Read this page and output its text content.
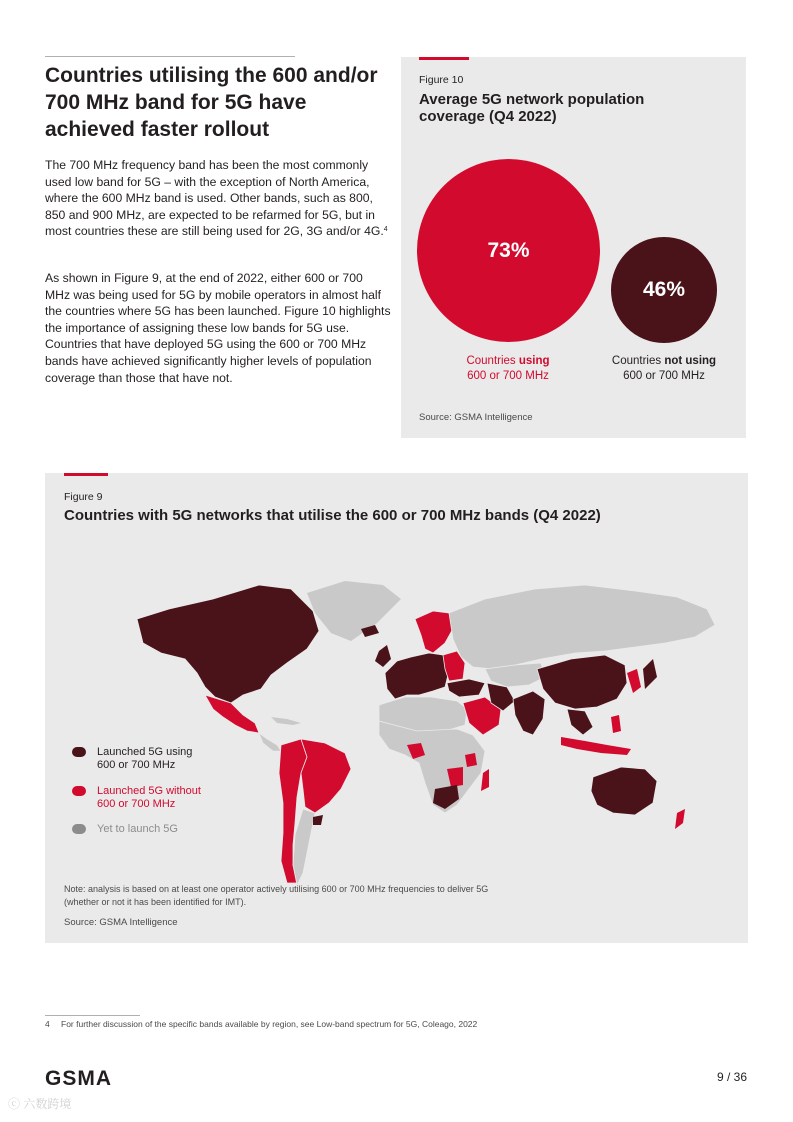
Countries utilising the 600 and/or 700 MHz band for 5G have achieved faster rollout

The 700 MHz frequency band has been the most commonly used low band for 5G – with the exception of North America, where the 600 MHz band is used. Other bands, such as 800, 850 and 900 MHz, are expected to be refarmed for 5G, but in most countries these are still being used for 2G, 3G and/or 4G.$^4$

As shown in Figure 9, at the end of 2022, either 600 or 700 MHz was being used for 5G by mobile operators in almost half the countries where 5G has been launched. Figure 10 highlights the importance of assigning these low bands for 5G use. Countries that have deployed 5G using the 600 or 700 MHz bands have achieved significantly higher levels of population coverage than those that have not.

Figure 10
Average 5G network population coverage (Q4 2022)
73%
46%
Countries using
600 or 700 MHz
Countries not using
600 or 700 MHz
Source: GSMA Intelligence
Figure 9
Countries with 5G networks that utilise the 600 or 700 MHz bands (Q4 2022)
Launched 5G using
600 or 700 MHz
Launched 5G without
600 or 700 MHz
Yet to launch 5G
Note: analysis is based on at least one operator actively utilising 600 or 700 MHz frequencies to deliver 5G
(whether or not it has been identified for IMT).
Source: GSMA Intelligence
4 For further discussion of the specific bands available by region, see Low-band spectrum for 5G, Coleago, 2022
GSMA	9 / 36
ⓒ 六数跨境
